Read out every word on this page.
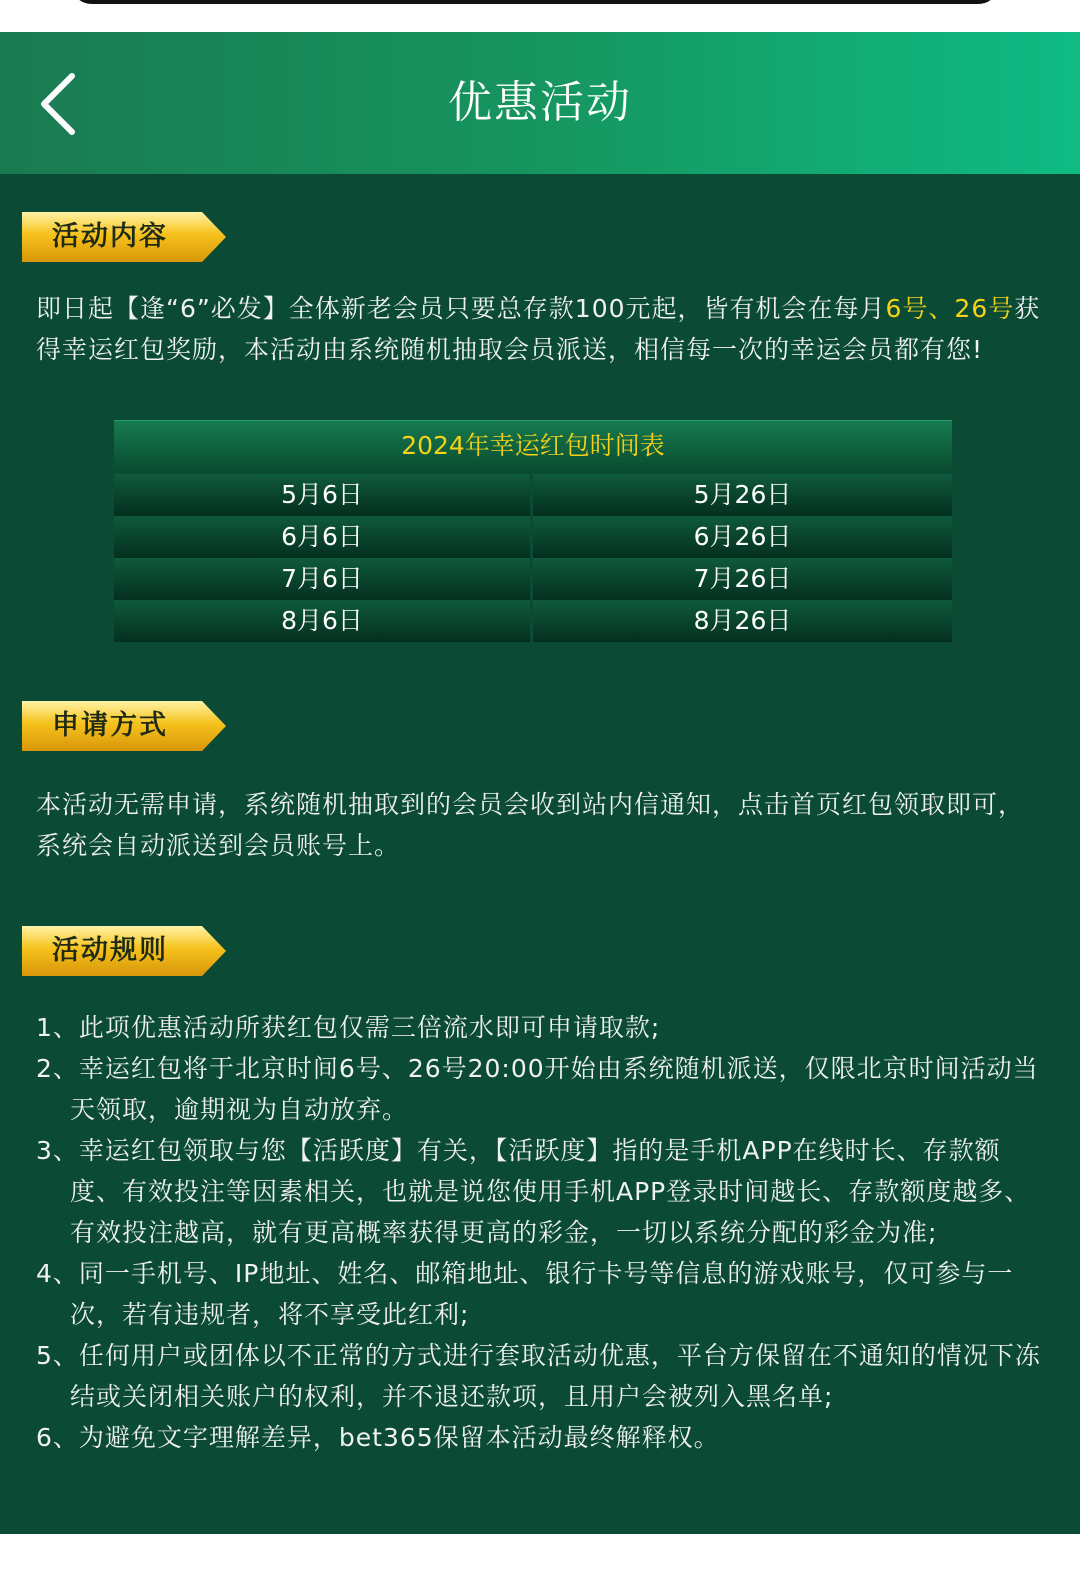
优惠活动
活动内容
即日起【逢“6”必发】全体新老会员只要总存款100元起，皆有机会在每月6号、26号获得幸运红包奖励，本活动由系统随机抽取会员派送，相信每一次的幸运会员都有您!
2024年幸运红包时间表
5月6日	5月26日
6月6日	6月26日
7月6日	7月26日
8月6日	8月26日
申请方式
本活动无需申请，系统随机抽取到的会员会收到站内信通知，点击首页红包领取即可，系统会自动派送到会员账号上。
活动规则
1、此项优惠活动所获红包仅需三倍流水即可申请取款;
2、幸运红包将于北京时间6号、26号20:00开始由系统随机派送，仅限北京时间活动当天领取，逾期视为自动放弃。
3、幸运红包领取与您【活跃度】有关，【活跃度】指的是手机APP在线时长、存款额度、有效投注等因素相关，也就是说您使用手机APP登录时间越长、存款额度越多、有效投注越高，就有更高概率获得更高的彩金，一切以系统分配的彩金为准;
4、同一手机号、IP地址、姓名、邮箱地址、银行卡号等信息的游戏账号，仅可参与一次，若有违规者，将不享受此红利;
5、任何用户或团体以不正常的方式进行套取活动优惠，平台方保留在不通知的情况下冻结或关闭相关账户的权利，并不退还款项，且用户会被列入黑名单;
6、为避免文字理解差异，bet365保留本活动最终解释权。
